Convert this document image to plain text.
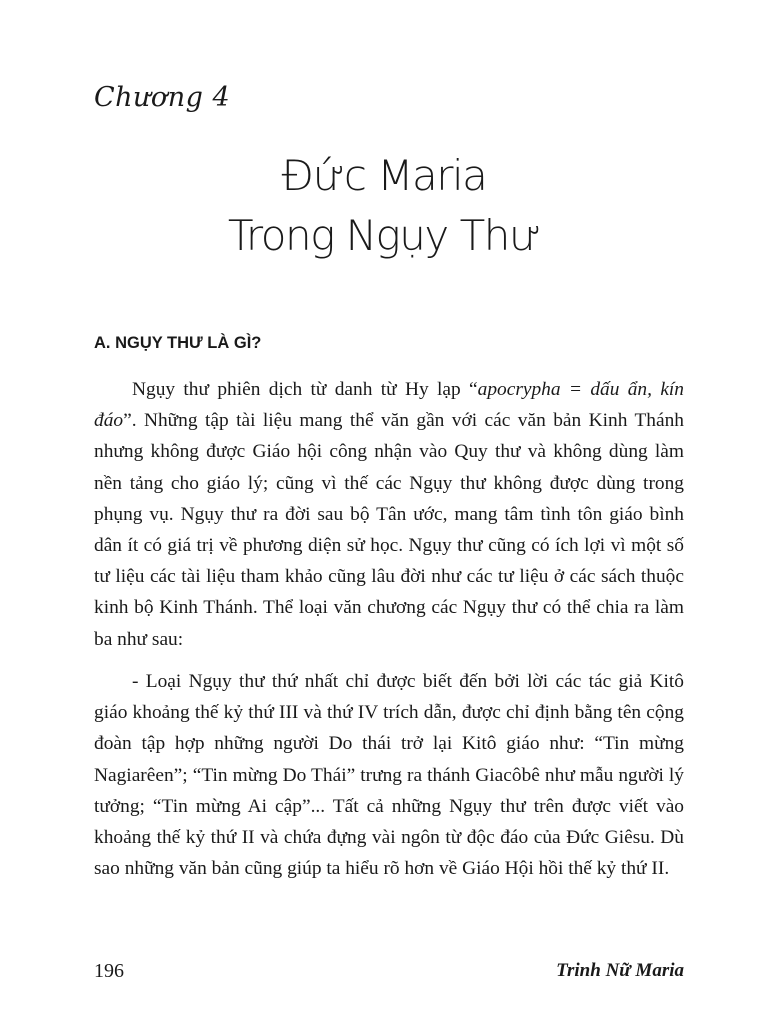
Chương 4
Đức Maria
Trong Ngụy Thư
A. NGỤY THƯ LÀ GÌ?

Ngụy thư phiên dịch từ danh từ Hy lạp “apocrypha = dấu ẩn, kín đáo”. Những tập tài liệu mang thể văn gần với các văn bản Kinh Thánh nhưng không được Giáo hội công nhận vào Quy thư và không dùng làm nền tảng cho giáo lý; cũng vì thế các Ngụy thư không được dùng trong phụng vụ. Ngụy thư ra đời sau bộ Tân ước, mang tâm tình tôn giáo bình dân ít có giá trị về phương diện sử học. Ngụy thư cũng có ích lợi vì một số tư liệu các tài liệu tham khảo cũng lâu đời như các tư liệu ở các sách thuộc kinh bộ Kinh Thánh. Thể loại văn chương các Ngụy thư có thể chia ra làm ba như sau:

- Loại Ngụy thư thứ nhất chỉ được biết đến bởi lời các tác giả Kitô giáo khoảng thế kỷ thứ III và thứ IV trích dẫn, được chỉ định bằng tên cộng đoàn tập hợp những người Do thái trở lại Kitô giáo như: “Tin mừng Nagiarêen”; “Tin mừng Do Thái” trưng ra thánh Giacôbê như mẫu người lý tưởng; “Tin mừng Ai cập”... Tất cả những Ngụy thư trên được viết vào khoảng thế kỷ thứ II và chứa đựng vài ngôn từ độc đáo của Đức Giêsu. Dù sao những văn bản cũng giúp ta hiểu rõ hơn về Giáo Hội hồi thế kỷ thứ II.

196	Trinh Nữ Maria
